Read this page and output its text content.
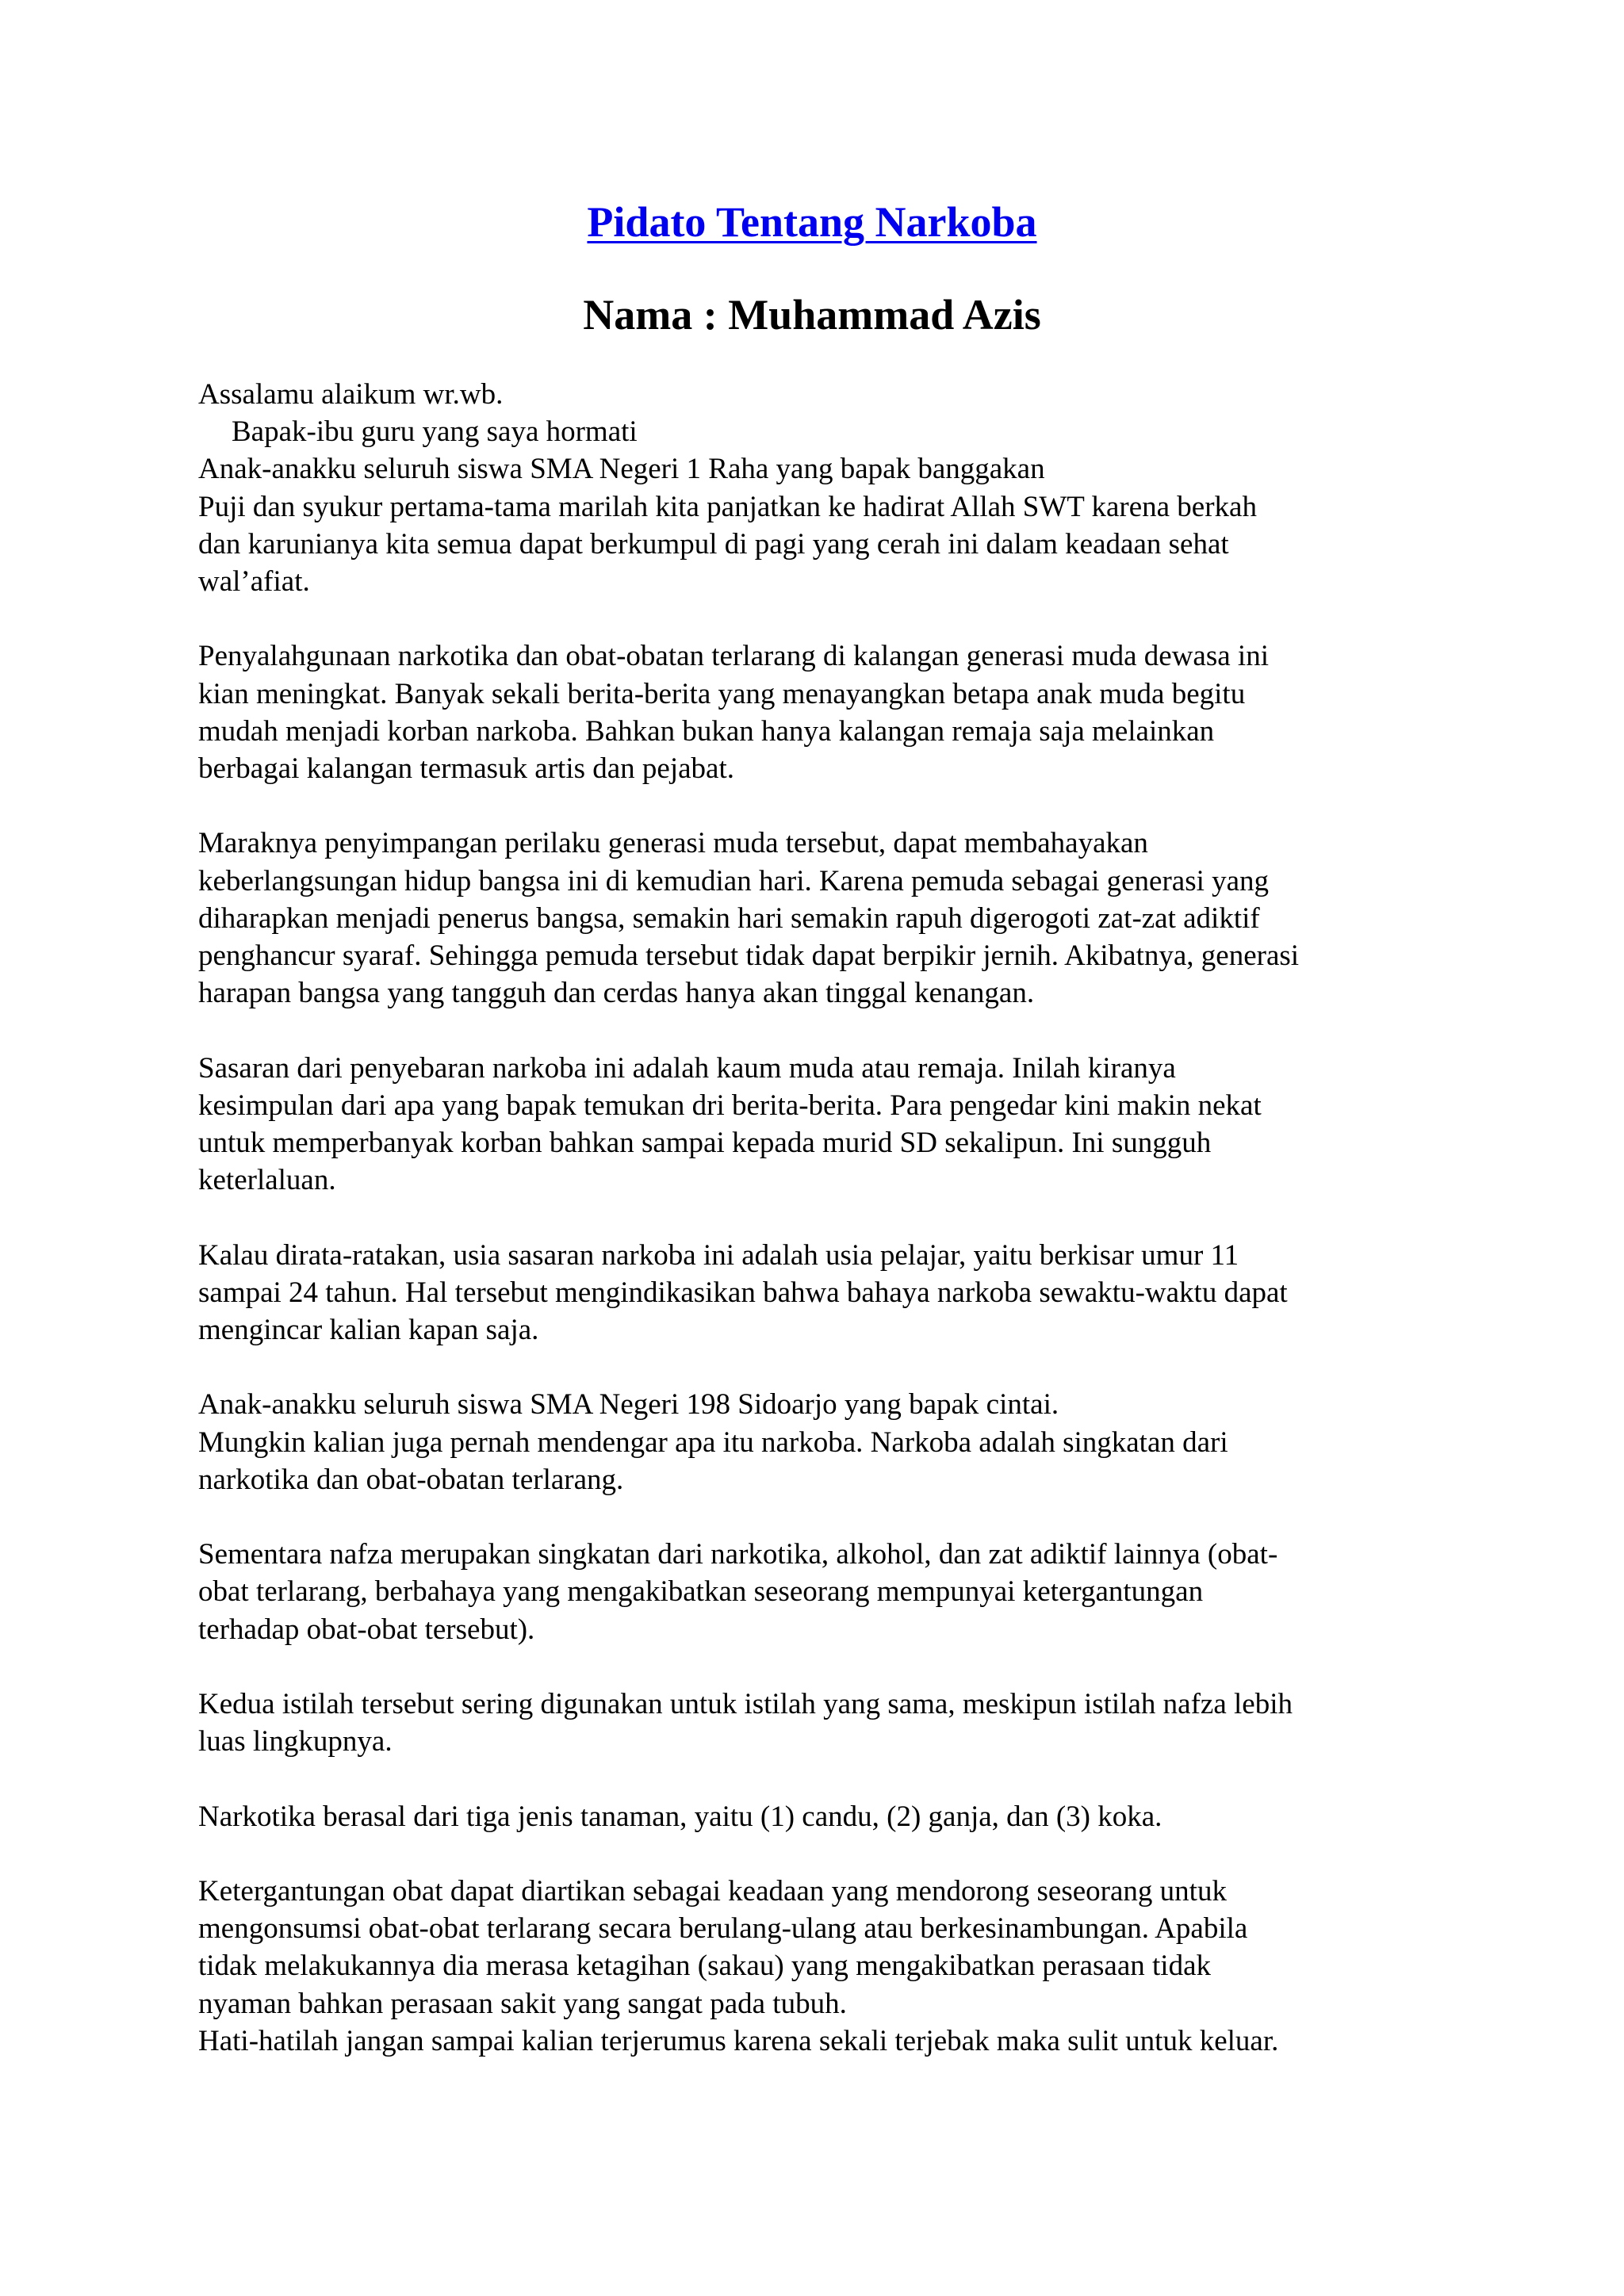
Pidato Tentang Narkoba
Nama : Muhammad Azis
Assalamu alaikum wr.wb.
Bapak-ibu guru yang saya hormati
Anak-anakku seluruh siswa SMA Negeri 1 Raha yang bapak banggakan
Puji dan syukur pertama-tama marilah kita panjatkan ke hadirat Allah SWT karena berkah
dan karunianya kita semua dapat berkumpul di pagi yang cerah ini dalam keadaan sehat
wal’afiat.
Penyalahgunaan narkotika dan obat-obatan terlarang di kalangan generasi muda dewasa ini
kian meningkat. Banyak sekali berita-berita yang menayangkan betapa anak muda begitu
mudah menjadi korban narkoba. Bahkan bukan hanya kalangan remaja saja melainkan
berbagai kalangan termasuk artis dan pejabat.
Maraknya penyimpangan perilaku generasi muda tersebut, dapat membahayakan
keberlangsungan hidup bangsa ini di kemudian hari. Karena pemuda sebagai generasi yang
diharapkan menjadi penerus bangsa, semakin hari semakin rapuh digerogoti zat-zat adiktif
penghancur syaraf. Sehingga pemuda tersebut tidak dapat berpikir jernih. Akibatnya, generasi
harapan bangsa yang tangguh dan cerdas hanya akan tinggal kenangan.
Sasaran dari penyebaran narkoba ini adalah kaum muda atau remaja. Inilah kiranya
kesimpulan dari apa yang bapak temukan dri berita-berita. Para pengedar kini makin nekat
untuk memperbanyak korban bahkan sampai kepada murid SD sekalipun. Ini sungguh
keterlaluan.
Kalau dirata-ratakan, usia sasaran narkoba ini adalah usia pelajar, yaitu berkisar umur 11
sampai 24 tahun. Hal tersebut mengindikasikan bahwa bahaya narkoba sewaktu-waktu dapat
mengincar kalian kapan saja.
Anak-anakku seluruh siswa SMA Negeri 198 Sidoarjo yang bapak cintai.
Mungkin kalian juga pernah mendengar apa itu narkoba. Narkoba adalah singkatan dari
narkotika dan obat-obatan terlarang.
Sementara nafza merupakan singkatan dari narkotika, alkohol, dan zat adiktif lainnya (obat-
obat terlarang, berbahaya yang mengakibatkan seseorang mempunyai ketergantungan
terhadap obat-obat tersebut).
Kedua istilah tersebut sering digunakan untuk istilah yang sama, meskipun istilah nafza lebih
luas lingkupnya.
Narkotika berasal dari tiga jenis tanaman, yaitu (1) candu, (2) ganja, dan (3) koka.
Ketergantungan obat dapat diartikan sebagai keadaan yang mendorong seseorang untuk
mengonsumsi obat-obat terlarang secara berulang-ulang atau berkesinambungan. Apabila
tidak melakukannya dia merasa ketagihan (sakau) yang mengakibatkan perasaan tidak
nyaman bahkan perasaan sakit yang sangat pada tubuh.
Hati-hatilah jangan sampai kalian terjerumus karena sekali terjebak maka sulit untuk keluar.
